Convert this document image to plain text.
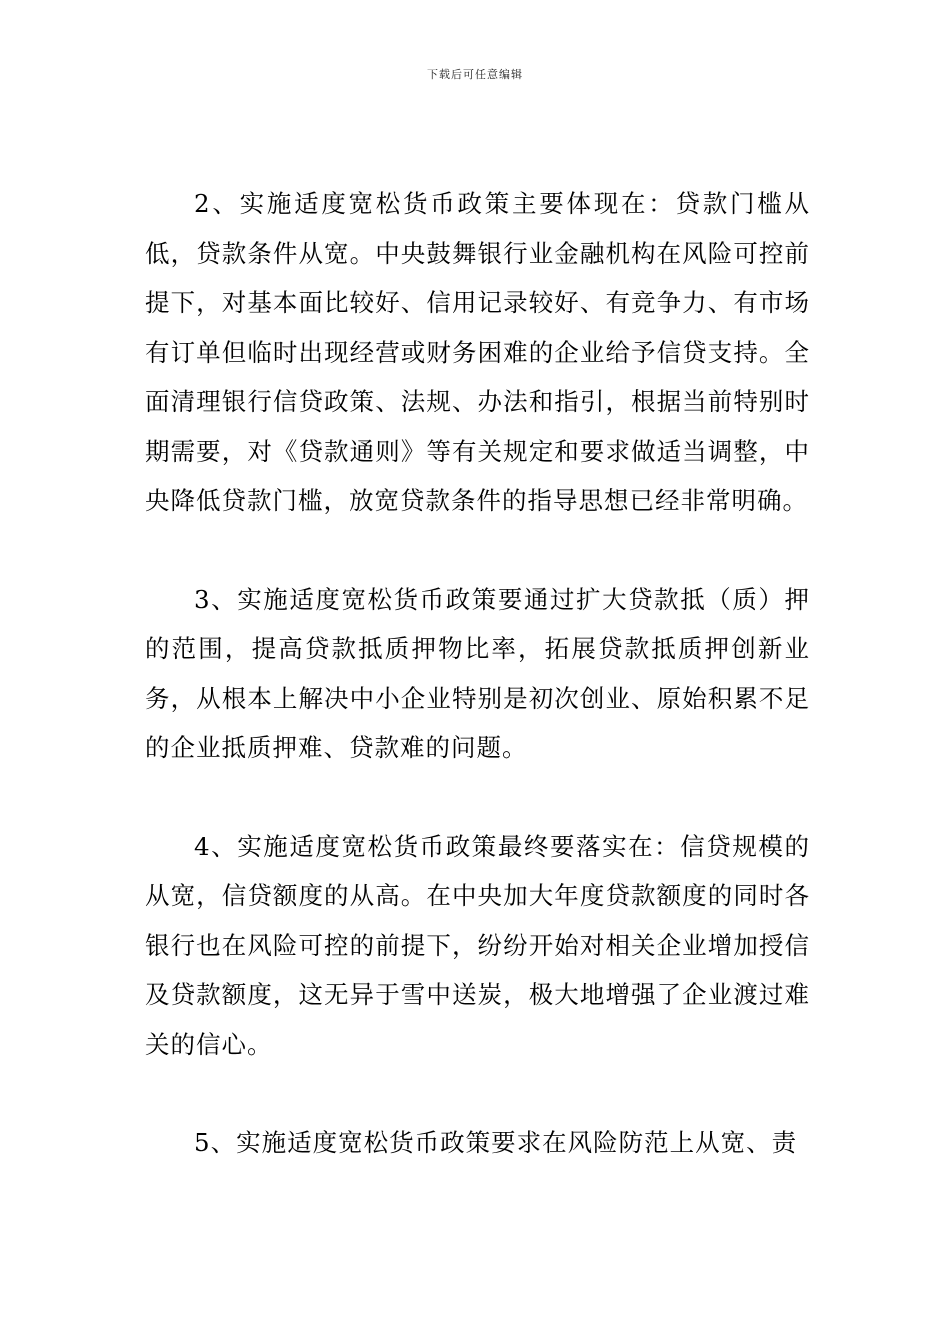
下载后可任意编辑

2、实施适度宽松货币政策主要体现在：贷款门槛从低，贷款条件从宽。中央鼓舞银行业金融机构在风险可控前提下，对基本面比较好、信用记录较好、有竞争力、有市场有订单但临时出现经营或财务困难的企业给予信贷支持。全面清理银行信贷政策、法规、办法和指引，根据当前特别时期需要，对《贷款通则》等有关规定和要求做适当调整，中央降低贷款门槛，放宽贷款条件的指导思想已经非常明确。

3、实施适度宽松货币政策要通过扩大贷款抵（质）押的范围，提高贷款抵质押物比率，拓展贷款抵质押创新业务，从根本上解决中小企业特别是初次创业、原始积累不足的企业抵质押难、贷款难的问题。

4、实施适度宽松货币政策最终要落实在：信贷规模的从宽，信贷额度的从高。在中央加大年度贷款额度的同时各银行也在风险可控的前提下，纷纷开始对相关企业增加授信及贷款额度，这无异于雪中送炭，极大地增强了企业渡过难关的信心。

5、实施适度宽松货币政策要求在风险防范上从宽、责
